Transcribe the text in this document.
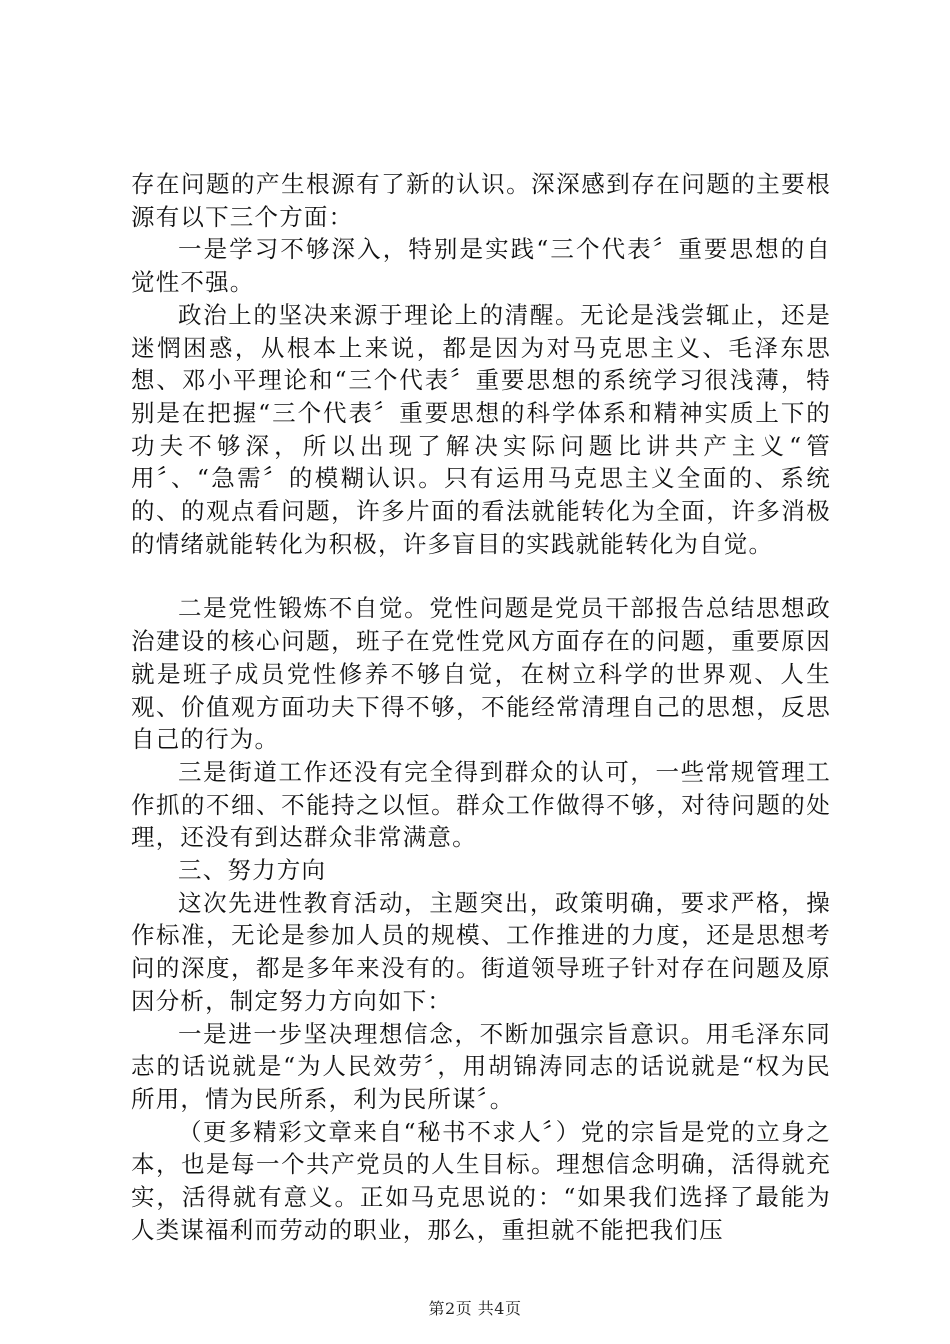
存在问题的产生根源有了新的认识。深深感到存在问题的主要根源有以下三个方面：

一是学习不够深入，特别是实践“三个代表〞重要思想的自觉性不强。

政治上的坚决来源于理论上的清醒。无论是浅尝辄止，还是迷惘困惑，从根本上来说，都是因为对马克思主义、毛泽东思想、邓小平理论和“三个代表〞重要思想的系统学习很浅薄，特别是在把握“三个代表〞重要思想的科学体系和精神实质上下的功夫不够深，所以出现了解决实际问题比讲共产主义“管用〞、“急需〞的模糊认识。只有运用马克思主义全面的、系统的、的观点看问题，许多片面的看法就能转化为全面，许多消极的情绪就能转化为积极，许多盲目的实践就能转化为自觉。

二是党性锻炼不自觉。党性问题是党员干部报告总结思想政治建设的核心问题，班子在党性党风方面存在的问题，重要原因就是班子成员党性修养不够自觉，在树立科学的世界观、人生观、价值观方面功夫下得不够，不能经常清理自己的思想，反思自己的行为。

三是街道工作还没有完全得到群众的认可，一些常规管理工作抓的不细、不能持之以恒。群众工作做得不够，对待问题的处理，还没有到达群众非常满意。

三、努力方向

这次先进性教育活动，主题突出，政策明确，要求严格，操作标准，无论是参加人员的规模、工作推进的力度，还是思想考问的深度，都是多年来没有的。街道领导班子针对存在问题及原因分析，制定努力方向如下：

一是进一步坚决理想信念，不断加强宗旨意识。用毛泽东同志的话说就是“为人民效劳〞，用胡锦涛同志的话说就是“权为民所用，情为民所系，利为民所谋〞。

（更多精彩文章来自“秘书不求人〞）党的宗旨是党的立身之本，也是每一个共产党员的人生目标。理想信念明确，活得就充实，活得就有意义。正如马克思说的：“如果我们选择了最能为人类谋福利而劳动的职业，那么，重担就不能把我们压

第2页 共4页
